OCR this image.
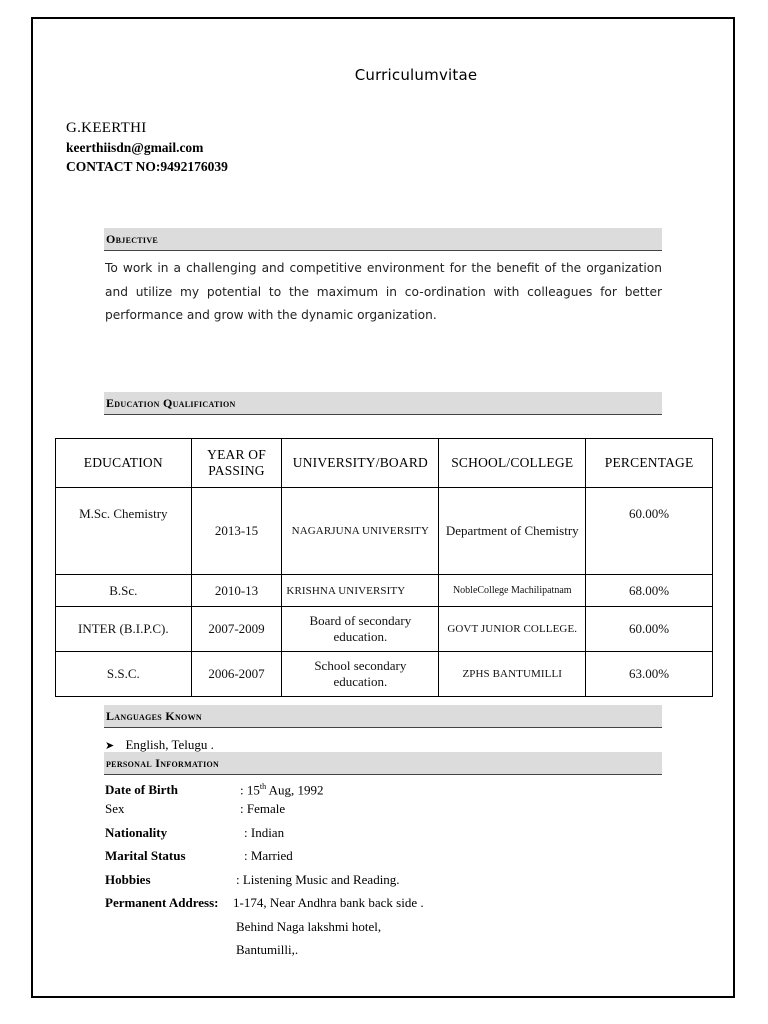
Curriculumvitae
G.KEERTHI
keerthiisdn@gmail.com
CONTACT NO:9492176039
Objective
To work in a challenging and competitive environment for the benefit of the organization and utilize my potential to the maximum in co-ordination with colleagues for better performance and grow with the dynamic organization.
Education Qualification
EDUCATION	YEAR OF PASSING	UNIVERSITY/BOARD	SCHOOL/COLLEGE	PERCENTAGE
M.Sc. Chemistry	2013-15	NAGARJUNA UNIVERSITY	Department of Chemistry	60.00%
B.Sc.	2010-13	KRISHNA UNIVERSITY	NobleCollege Machilipatnam	68.00%
INTER (B.I.P.C).	2007-2009	Board of secondary education.	GOVT JUNIOR COLLEGE.	60.00%
S.S.C.	2006-2007	School secondary education.	ZPHS BANTUMILLI	63.00%
Languages Known
➤ English, Telugu .
personal Information
Date of Birth	: 15th Aug, 1992
Sex	: Female
Nationality	: Indian
Marital Status	: Married
Hobbies	: Listening Music and Reading.
Permanent Address: 1-174, Near Andhra bank back side .
Behind Naga lakshmi hotel,
Bantumilli,.
